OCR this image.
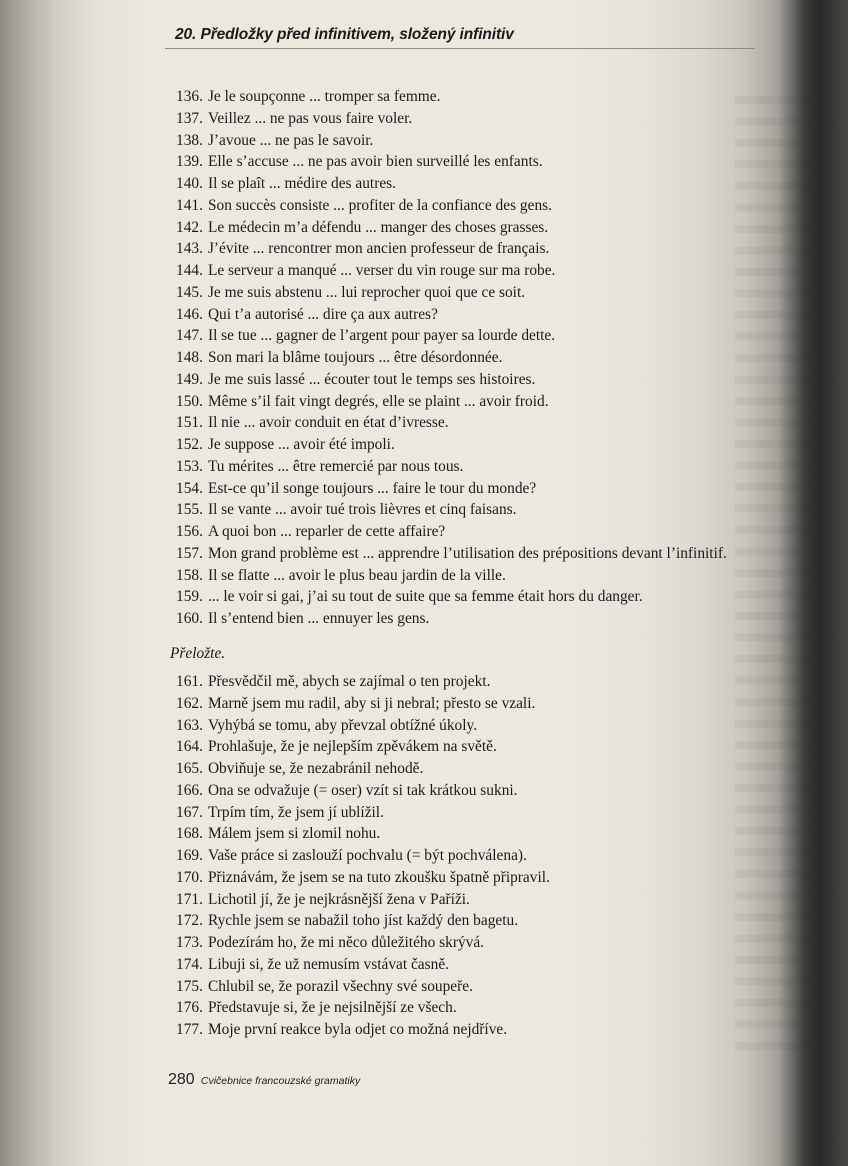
20. Předložky před infinitivem, složený infinitiv
136. Je le soupçonne ... tromper sa femme.
137. Veillez ... ne pas vous faire voler.
138. J’avoue ... ne pas le savoir.
139. Elle s’accuse ... ne pas avoir bien surveillé les enfants.
140. Il se plaît ... médire des autres.
141. Son succès consiste ... profiter de la confiance des gens.
142. Le médecin m’a défendu ... manger des choses grasses.
143. J’évite ... rencontrer mon ancien professeur de français.
144. Le serveur a manqué ... verser du vin rouge sur ma robe.
145. Je me suis abstenu ... lui reprocher quoi que ce soit.
146. Qui t’a autorisé ... dire ça aux autres?
147. Il se tue ... gagner de l’argent pour payer sa lourde dette.
148. Son mari la blâme toujours ... être désordonnée.
149. Je me suis lassé ... écouter tout le temps ses histoires.
150. Même s’il fait vingt degrés, elle se plaint ... avoir froid.
151. Il nie ... avoir conduit en état d’ivresse.
152. Je suppose ... avoir été impoli.
153. Tu mérites ... être remercié par nous tous.
154. Est-ce qu’il songe toujours ... faire le tour du monde?
155. Il se vante ... avoir tué trois lièvres et cinq faisans.
156. A quoi bon ... reparler de cette affaire?
157. Mon grand problème est ... apprendre l’utilisation des prépositions devant l’infinitif.
158. Il se flatte ... avoir le plus beau jardin de la ville.
159. ... le voir si gai, j’ai su tout de suite que sa femme était hors du danger.
160. Il s’entend bien ... ennuyer les gens.
Přeložte.
161. Přesvědčil mě, abych se zajímal o ten projekt.
162. Marně jsem mu radil, aby si ji nebral; přesto se vzali.
163. Vyhýbá se tomu, aby převzal obtížné úkoly.
164. Prohlašuje, že je nejlepším zpěvákem na světě.
165. Obviňuje se, že nezabránil nehodě.
166. Ona se odvažuje (= oser) vzít si tak krátkou sukni.
167. Trpím tím, že jsem jí ublížil.
168. Málem jsem si zlomil nohu.
169. Vaše práce si zaslouží pochvalu (= být pochválena).
170. Přiznávám, že jsem se na tuto zkoušku špatně připravil.
171. Lichotil jí, že je nejkrásnější žena v Paříži.
172. Rychle jsem se nabažil toho jíst každý den bagetu.
173. Podezírám ho, že mi něco důležitého skrývá.
174. Libuji si, že už nemusím vstávat časně.
175. Chlubil se, že porazil všechny své soupeře.
176. Představuje si, že je nejsilnější ze všech.
177. Moje první reakce byla odjet co možná nejdříve.
280 Cvičebnice francouzské gramatiky
